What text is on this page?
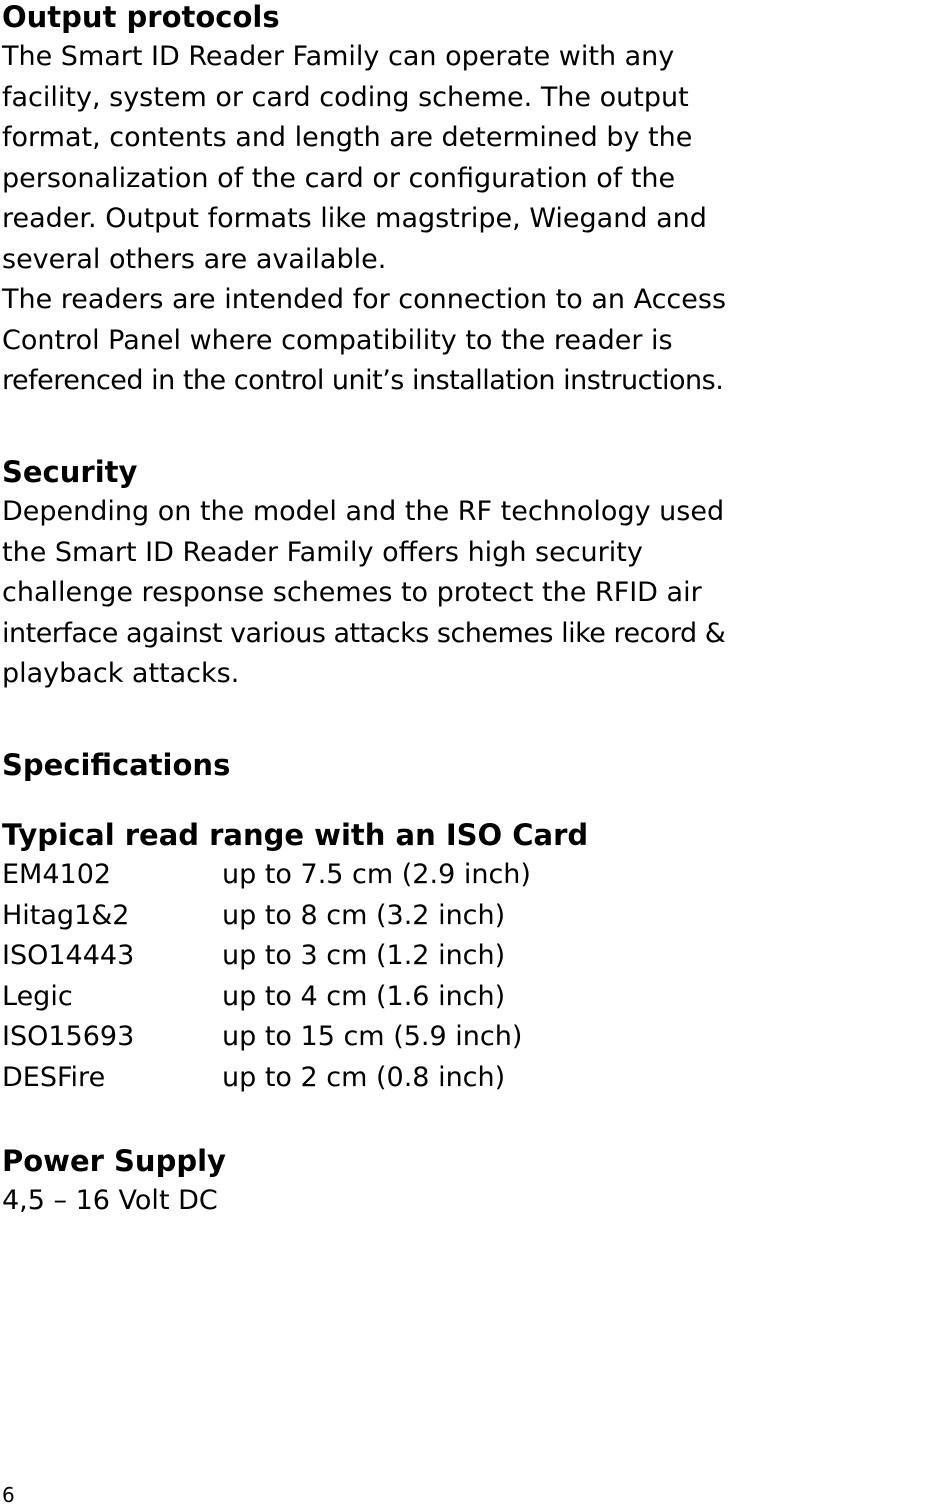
Output protocols

The Smart ID Reader Family can operate with any

facility, system or card coding scheme. The output

format, contents and length are determined by the

personalization of the card or configuration of the

reader. Output formats like magstripe, Wiegand and

several others are available.

The readers are intended for connection to an Access

Control Panel where compatibility to the reader is

referenced in the control unit’s installation instructions.

Security

Depending on the model and the RF technology used

the Smart ID Reader Family offers high security

challenge response schemes to protect the RFID air

interface against various attacks schemes like record &

playback attacks.

Specifications
Typical read range with an ISO Card
EM4102	up to 7.5 cm (2.9 inch)
Hitag1&2	up to 8 cm (3.2 inch)
ISO14443	up to 3 cm (1.2 inch)
Legic	up to 4 cm (1.6 inch)
ISO15693	up to 15 cm (5.9 inch)
DESFire	up to 2 cm (0.8 inch)
Power Supply

4,5 – 16 Volt DC

6
